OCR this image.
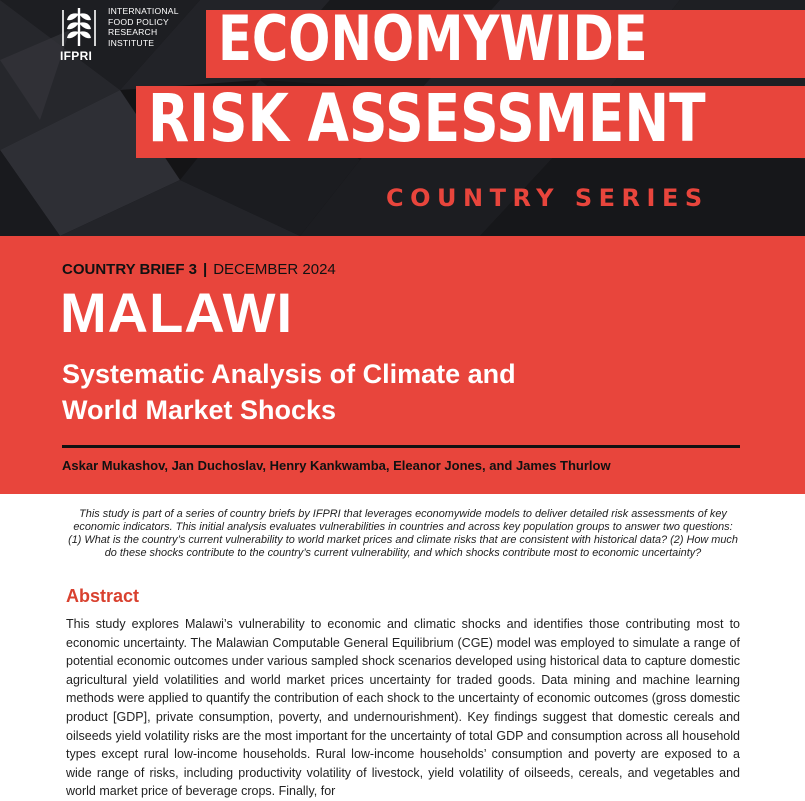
INTERNATIONAL
FOOD POLICY
RESEARCH
INSTITUTE
IFPRI ECONOMYWIDE
RISK ASSESSMENT
COUNTRY SERIES
COUNTRY BRIEF 3 | DECEMBER 2024
MALAWI
Systematic Analysis of Climate and World Market Shocks
Askar Mukashov, Jan Duchoslav, Henry Kankwamba, Eleanor Jones, and James Thurlow
This study is part of a series of country briefs by IFPRI that leverages economywide models to deliver detailed risk assessments of key economic indicators. This initial analysis evaluates vulnerabilities in countries and across key population groups to answer two questions: (1) What is the country’s current vulnerability to world market prices and climate risks that are consistent with historical data? (2) How much do these shocks contribute to the country’s current vulnerability, and which shocks contribute most to economic uncertainty?
Abstract
This study explores Malawi’s vulnerability to economic and climatic shocks and identifies those contributing most to economic uncertainty. The Malawian Computable General Equilibrium (CGE) model was employed to simulate a range of potential economic outcomes under various sampled shock scenarios developed using historical data to capture domestic agricultural yield volatilities and world market prices uncertainty for traded goods. Data mining and machine learning methods were applied to quantify the contribution of each shock to the uncertainty of economic outcomes (gross domestic product [GDP], private consumption, poverty, and undernourishment). Key findings suggest that domestic cereals and oilseeds yield volatility risks are the most important for the uncertainty of total GDP and consumption across all household types except rural low-income households. Rural low-income households’ consumption and poverty are exposed to a wide range of risks, including productivity volatility of livestock, yield volatility of oilseeds, cereals, and vegetables and world market price of beverage crops. Finally, for
